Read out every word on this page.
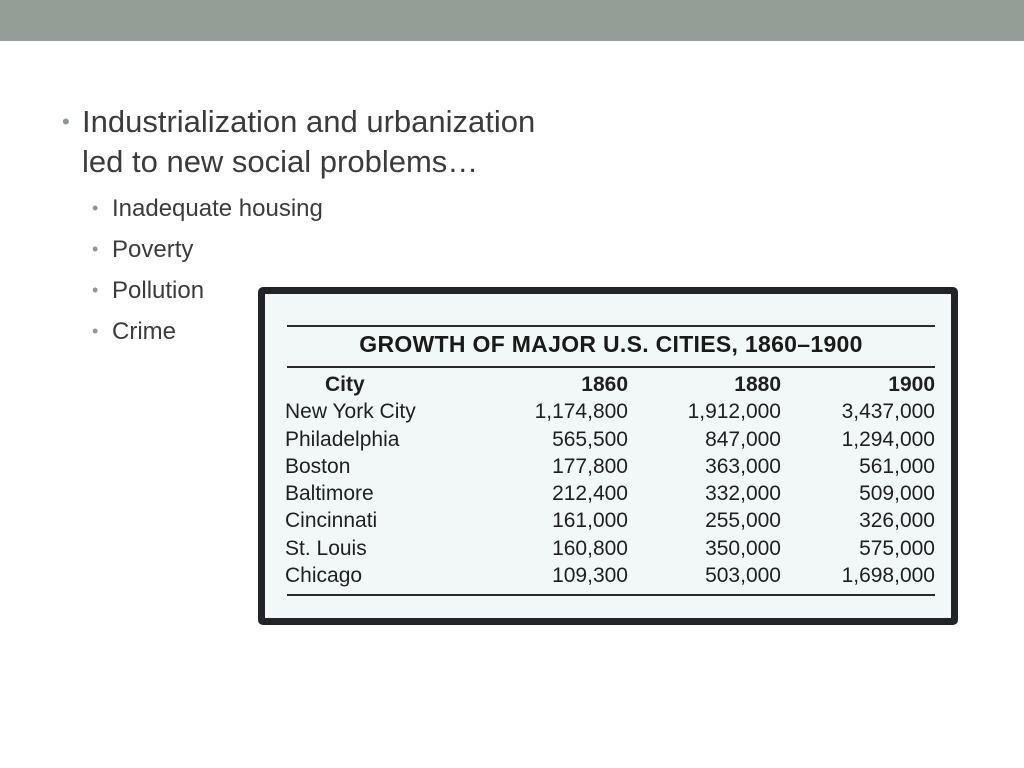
• Industrialization and urbanization
led to new social problems…
• Inadequate housing
• Poverty
• Pollution
• Crime	GROWTH OF MAJOR U.S. CITIES, 1860–1900
City	1860	1880	1900
New York City	1,174,800	1,912,000	3,437,000
Philadelphia	565,500	847,000	1,294,000
Boston	177,800	363,000	561,000
Baltimore	212,400	332,000	509,000
Cincinnati	161,000	255,000	326,000
St. Louis	160,800	350,000	575,000
Chicago	109,300	503,000	1,698,000
